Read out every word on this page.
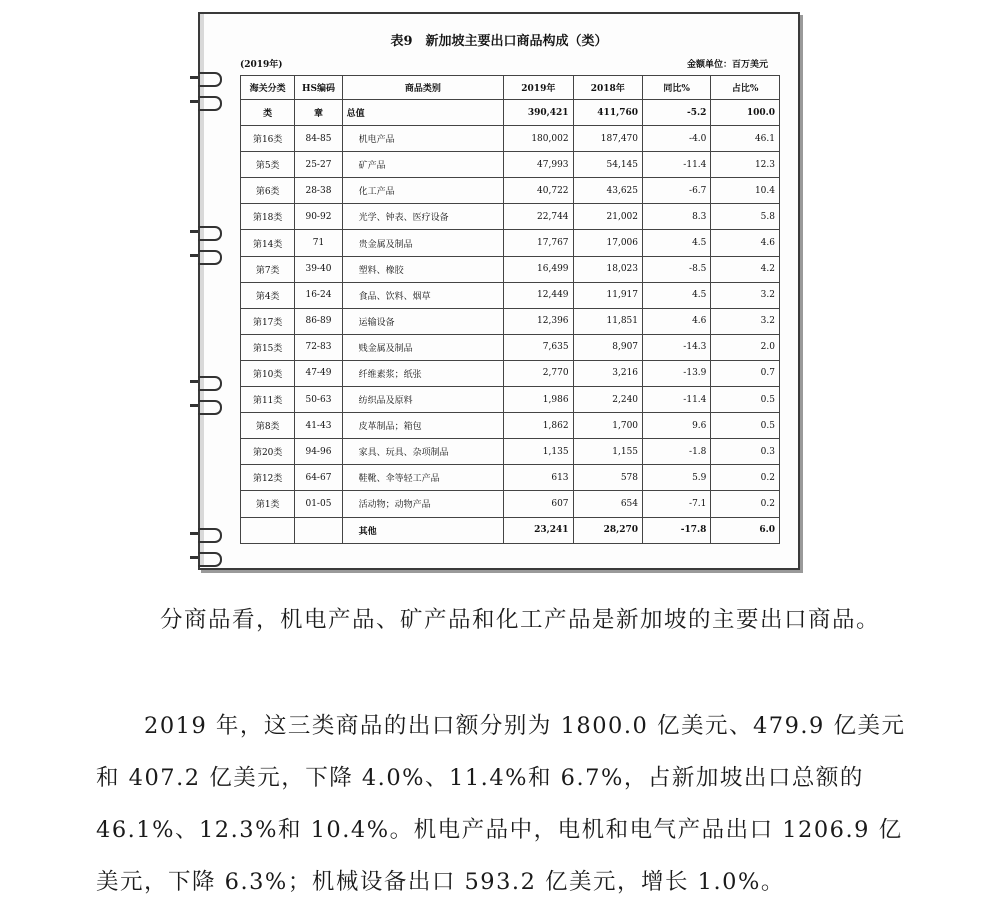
表9　新加坡主要出口商品构成（类）
(2019年)	金额单位：百万美元
海关分类	HS编码	商品类别	2019年	2018年	同比%	占比%
类	章	总值	390,421	411,760	-5.2	100.0
第16类	84-85	机电产品	180,002	187,470	-4.0	46.1
第5类	25-27	矿产品	47,993	54,145	-11.4	12.3
第6类	28-38	化工产品	40,722	43,625	-6.7	10.4
第18类	90-92	光学、钟表、医疗设备	22,744	21,002	8.3	5.8
第14类	71	贵金属及制品	17,767	17,006	4.5	4.6
第7类	39-40	塑料、橡胶	16,499	18,023	-8.5	4.2
第4类	16-24	食品、饮料、烟草	12,449	11,917	4.5	3.2
第17类	86-89	运输设备	12,396	11,851	4.6	3.2
第15类	72-83	贱金属及制品	7,635	8,907	-14.3	2.0
第10类	47-49	纤维素浆；纸张	2,770	3,216	-13.9	0.7
第11类	50-63	纺织品及原料	1,986	2,240	-11.4	0.5
第8类	41-43	皮革制品；箱包	1,862	1,700	9.6	0.5
第20类	94-96	家具、玩具、杂项制品	1,135	1,155	-1.8	0.3
第12类	64-67	鞋靴、伞等轻工产品	613	578	5.9	0.2
第1类	01-05	活动物；动物产品	607	654	-7.1	0.2
		其他	23,241	28,270	-17.8	6.0
分商品看，机电产品、矿产品和化工产品是新加坡的主要出口商品。
2019 年，这三类商品的出口额分别为 1800.0 亿美元、479.9 亿美元和 407.2 亿美元，下降 4.0%、11.4%和 6.7%，占新加坡出口总额的 46.1%、12.3%和 10.4%。机电产品中，电机和电气产品出口 1206.9 亿美元，下降 6.3%；机械设备出口 593.2 亿美元，增长 1.0%。
